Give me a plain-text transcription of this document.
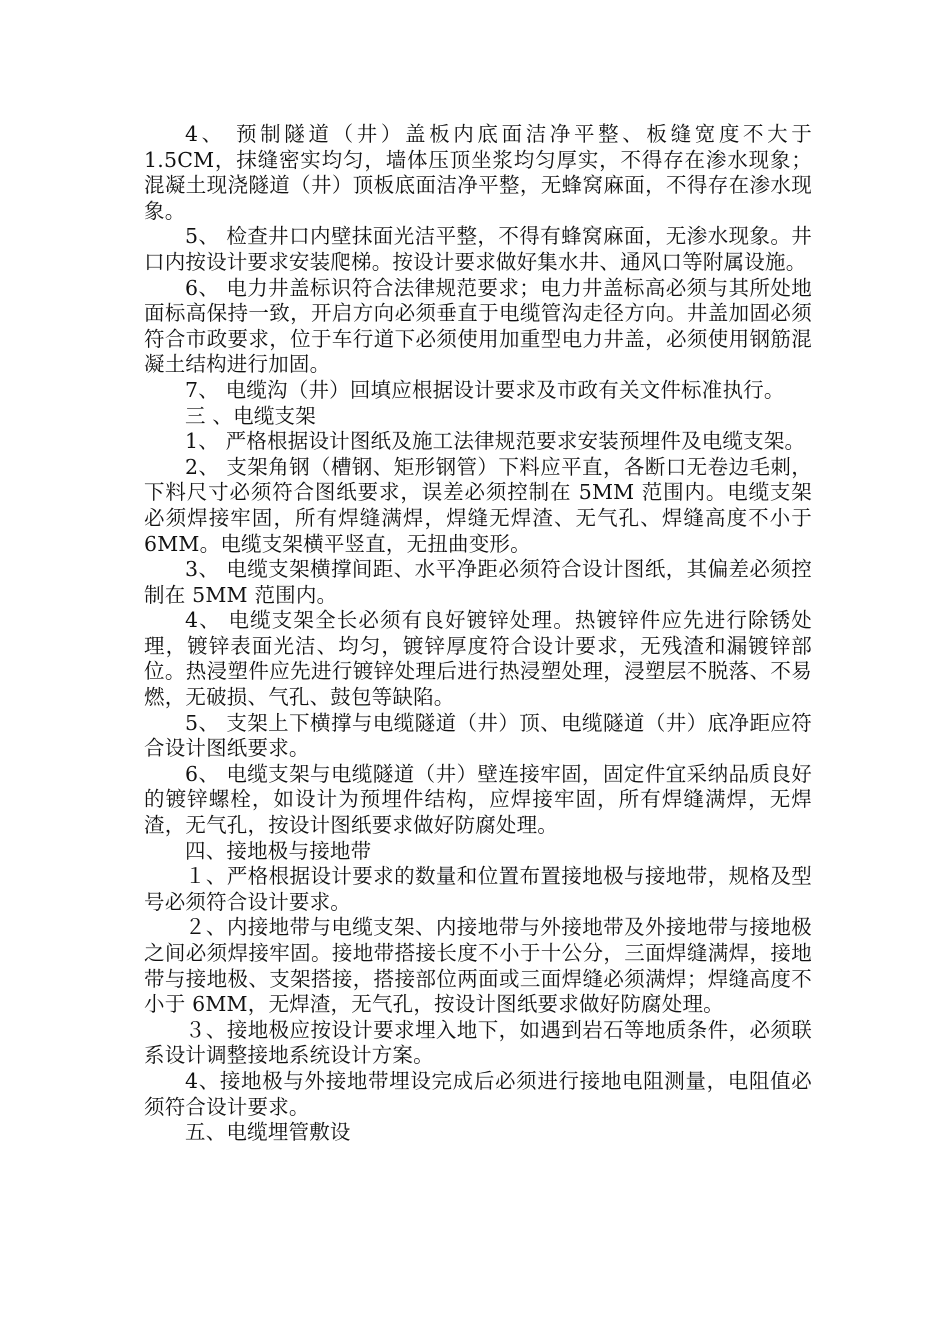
4、 预制隧道（井）盖板内底面洁净平整、板缝宽度不大于1.5CM，抹缝密实均匀，墙体压顶坐浆均匀厚实，不得存在渗水现象；混凝土现浇隧道（井）顶板底面洁净平整，无蜂窝麻面，不得存在渗水现象。

5、 检查井口内壁抹面光洁平整，不得有蜂窝麻面，无渗水现象。井口内按设计要求安装爬梯。按设计要求做好集水井、通风口等附属设施。

6、 电力井盖标识符合法律规范要求；电力井盖标高必须与其所处地面标高保持一致，开启方向必须垂直于电缆管沟走径方向。井盖加固必须符合市政要求，位于车行道下必须使用加重型电力井盖，必须使用钢筋混凝土结构进行加固。

7、 电缆沟（井）回填应根据设计要求及市政有关文件标准执行。

三 、电缆支架

1、 严格根据设计图纸及施工法律规范要求安装预埋件及电缆支架。

2、 支架角钢（槽钢、矩形钢管）下料应平直，各断口无卷边毛刺，下料尺寸必须符合图纸要求，误差必须控制在 5MM 范围内。电缆支架必须焊接牢固，所有焊缝满焊，焊缝无焊渣、无气孔、焊缝高度不小于 6MM。电缆支架横平竖直，无扭曲变形。

3、 电缆支架横撑间距、水平净距必须符合设计图纸，其偏差必须控制在 5MM 范围内。

4、 电缆支架全长必须有良好镀锌处理。热镀锌件应先进行除锈处理，镀锌表面光洁、均匀，镀锌厚度符合设计要求，无残渣和漏镀锌部位。热浸塑件应先进行镀锌处理后进行热浸塑处理，浸塑层不脱落、不易燃，无破损、气孔、鼓包等缺陷。

5、 支架上下横撑与电缆隧道（井）顶、电缆隧道（井）底净距应符合设计图纸要求。

6、 电缆支架与电缆隧道（井）壁连接牢固，固定件宜采纳品质良好的镀锌螺栓，如设计为预埋件结构，应焊接牢固，所有焊缝满焊，无焊渣，无气孔，按设计图纸要求做好防腐处理。

四、接地极与接地带

１、严格根据设计要求的数量和位置布置接地极与接地带，规格及型号必须符合设计要求。

２、内接地带与电缆支架、内接地带与外接地带及外接地带与接地极之间必须焊接牢固。接地带搭接长度不小于十公分，三面焊缝满焊，接地带与接地极、支架搭接，搭接部位两面或三面焊缝必须满焊；焊缝高度不小于 6MM，无焊渣，无气孔，按设计图纸要求做好防腐处理。

３、接地极应按设计要求埋入地下，如遇到岩石等地质条件，必须联系设计调整接地系统设计方案。

4、接地极与外接地带埋设完成后必须进行接地电阻测量，电阻值必须符合设计要求。

五、电缆埋管敷设
